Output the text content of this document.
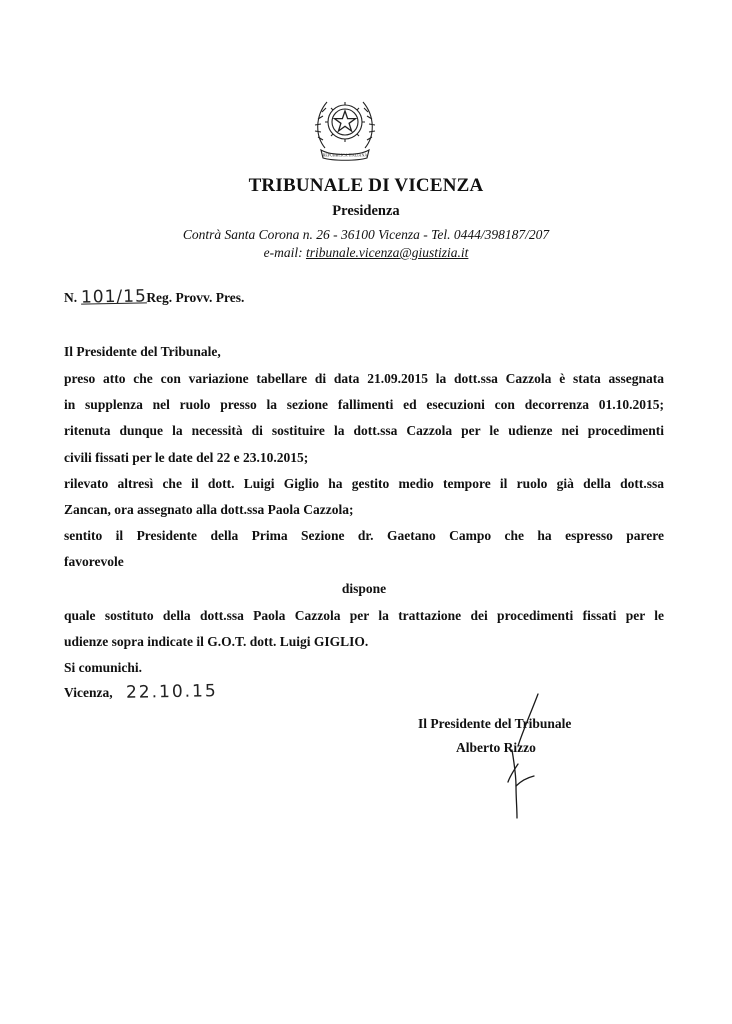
REPUBBLICA ITALIANA
TRIBUNALE DI VICENZA
Presidenza
Contrà Santa Corona n. 26 - 36100 Vicenza - Tel. 0444/398187/207
e-mail: tribunale.vicenza@giustizia.it
N. 101/15Reg. Provv. Pres.
Il Presidente del Tribunale,
preso atto che con variazione tabellare di data 21.09.2015 la dott.ssa Cazzola è stata assegnata
in supplenza nel ruolo presso la sezione fallimenti ed esecuzioni con decorrenza 01.10.2015;
ritenuta dunque la necessità di sostituire la dott.ssa Cazzola per le udienze nei procedimenti
civili fissati per le date del 22 e 23.10.2015;
rilevato altresì che il dott. Luigi Giglio ha gestito medio tempore il ruolo già della dott.ssa
Zancan, ora assegnato alla dott.ssa Paola Cazzola;
sentito il Presidente della Prima Sezione dr. Gaetano Campo che ha espresso parere
favorevole
dispone
quale sostituto della dott.ssa Paola Cazzola per la trattazione dei procedimenti fissati per le
udienze sopra indicate il G.O.T. dott. Luigi GIGLIO.
Si comunichi.
Vicenza, 22.10.15
Il Presidente del Tribunale
Alberto Rizzo
